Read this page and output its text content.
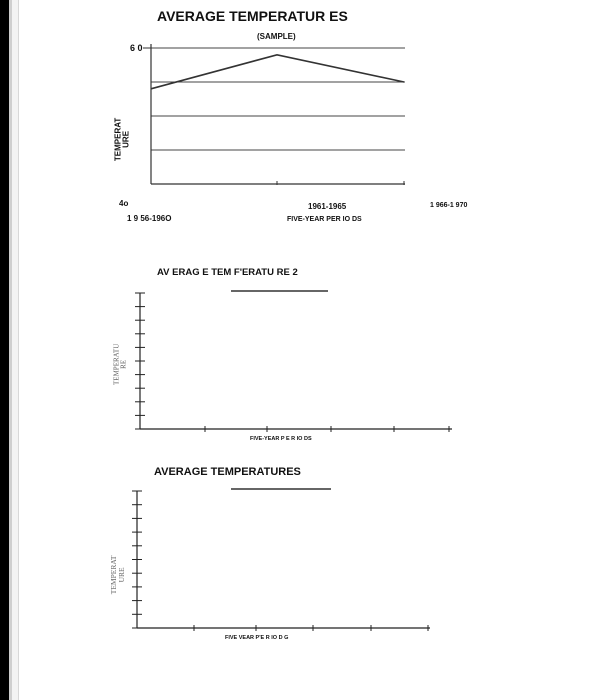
AVERAGE TEMPERATUR ES
(SAMPLE)
6 0
4o
TEMPERAT URE
1 9 56-196O
1961-1965	1 966-1 970
FIVE-YEAR PER IO DS
AV ERAG E TEM F'ERATU RE 2
TEMPERATU RE
FIVE-YEAR P E R IO DS
AVERAGE TEMPERATURES
TEMPERAT
URE
FIVE VEAR P'E R IO D G
